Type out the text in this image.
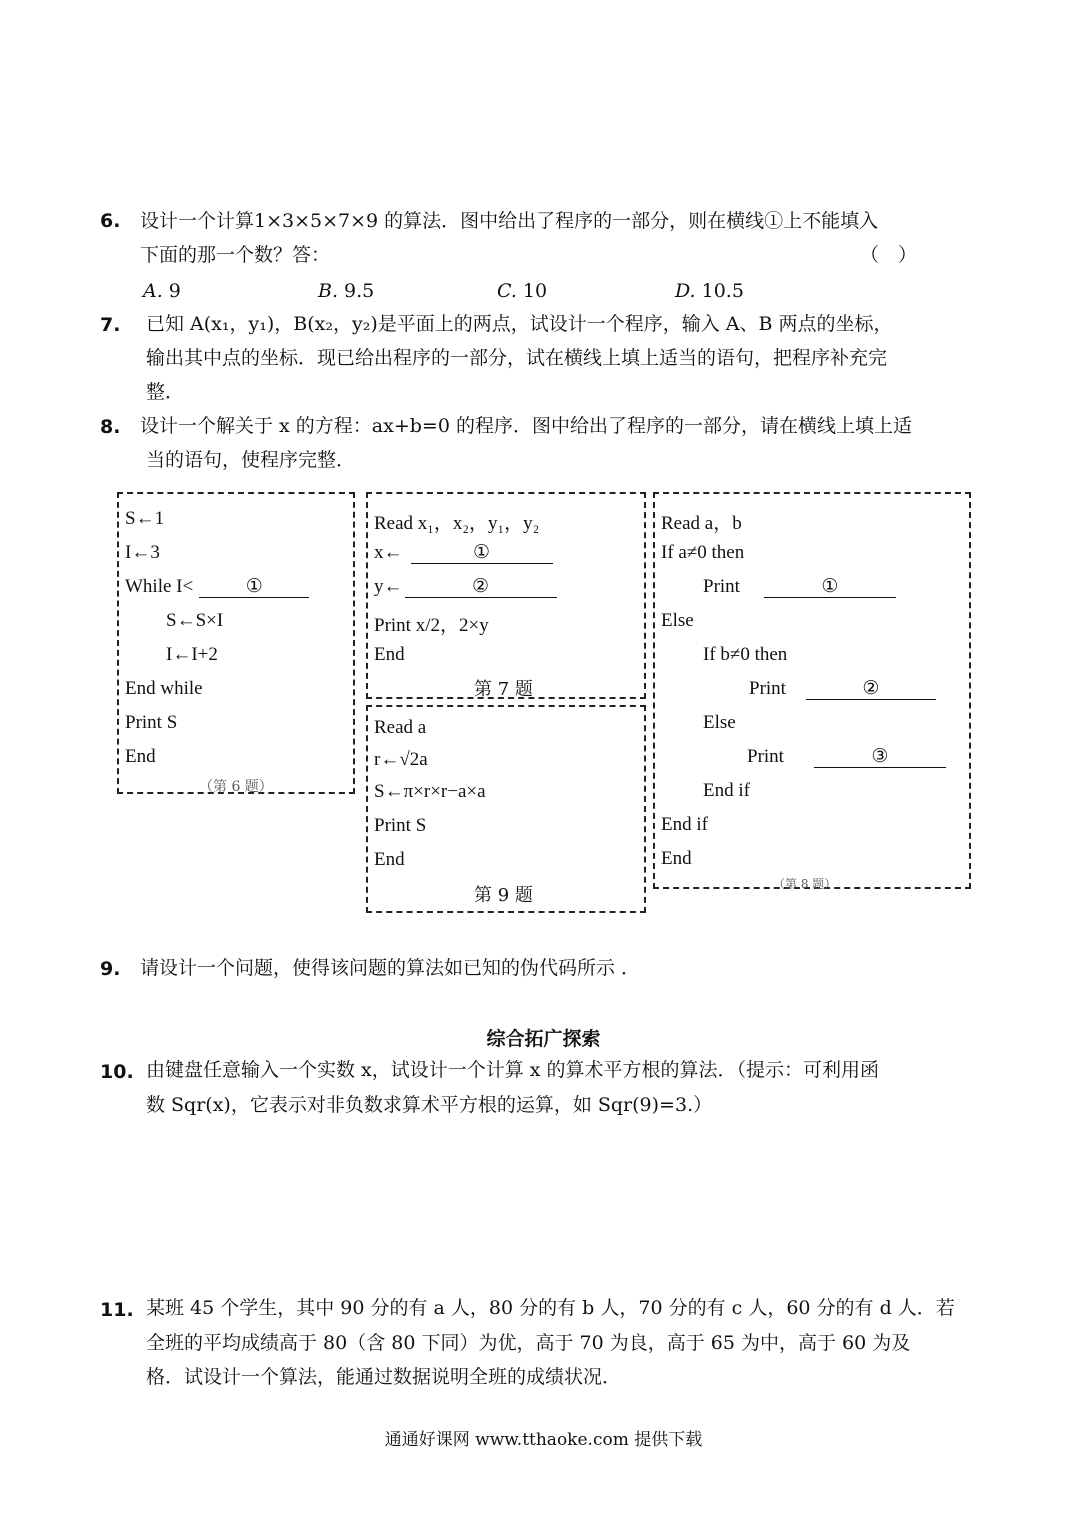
6. 设计一个计算1×3×5×7×9 的算法．图中给出了程序的一部分，则在横线①上不能填入
下面的那一个数？答：	（　）
A. 9	B. 9.5	C. 10	D. 10.5
7. 已知 A(x₁，y₁)，B(x₂，y₂)是平面上的两点，试设计一个程序，输入 A、B 两点的坐标，
输出其中点的坐标．现已给出程序的一部分，试在横线上填上适当的语句，把程序补充完
整．
8. 设计一个解关于 x 的方程：ax+b=0 的程序．图中给出了程序的一部分，请在横线上填上适
当的语句，使程序完整．
S←1
I←3
While I<	①
S←S×I
I←I+2
End while
Print S
End
（第 6 题）
Read x₁，x₂，y₁，y₂
x←	①
y←	②
Print x/2，2×y
End
第 7 题
Read a
r←√2a
S←π×r×r−a×a
Print S
End
第 9 题
Read a，b
If a≠0 then
Print	①
Else
If b≠0 then
Print	②
Else
Print	③
End if
End if
End
（第 8 题）
9. 请设计一个问题，使得该问题的算法如已知的伪代码所示 ．
综合拓广探索
10. 由键盘任意输入一个实数 x，试设计一个计算 x 的算术平方根的算法．（提示：可利用函
数 Sqr(x)，它表示对非负数求算术平方根的运算，如 Sqr(9)=3.）
11. 某班 45 个学生，其中 90 分的有 a 人，80 分的有 b 人，70 分的有 c 人，60 分的有 d 人．若
全班的平均成绩高于 80（含 80 下同）为优，高于 70 为良，高于 65 为中，高于 60 为及
格．试设计一个算法，能通过数据说明全班的成绩状况．
通通好课网 www.tthaoke.com 提供下载
